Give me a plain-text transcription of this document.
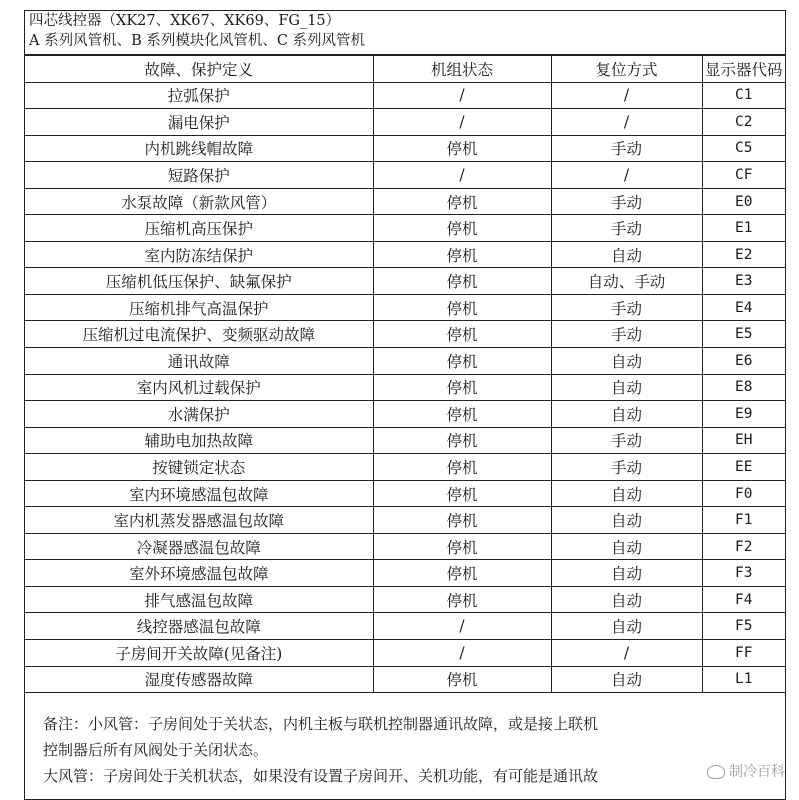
四芯线控器（XK27、XK67、XK69、FG_15）
A 系列风管机、B 系列模块化风管机、C 系列风管机
故障、保护定义	机组状态	复位方式	显示器代码
拉弧保护	/	/	C1
漏电保护	/	/	C2
内机跳线帽故障	停机	手动	C5
短路保护	/	/	CF
水泵故障（新款风管）	停机	手动	E0
压缩机高压保护	停机	手动	E1
室内防冻结保护	停机	自动	E2
压缩机低压保护、缺氟保护	停机	自动、手动	E3
压缩机排气高温保护	停机	手动	E4
压缩机过电流保护、变频驱动故障	停机	手动	E5
通讯故障	停机	自动	E6
室内风机过载保护	停机	自动	E8
水满保护	停机	自动	E9
辅助电加热故障	停机	手动	EH
按键锁定状态	停机	手动	EE
室内环境感温包故障	停机	自动	F0
室内机蒸发器感温包故障	停机	自动	F1
冷凝器感温包故障	停机	自动	F2
室外环境感温包故障	停机	自动	F3
排气感温包故障	停机	自动	F4
线控器感温包故障	/	自动	F5
子房间开关故障(见备注)	/	/	FF
湿度传感器故障	停机	自动	L1
备注：小风管：子房间处于关状态，内机主板与联机控制器通讯故障，或是接上联机
控制器后所有风阀处于关闭状态。
大风管：子房间处于关机状态，如果没有设置子房间开、关机功能，有可能是通讯故	制冷百科
